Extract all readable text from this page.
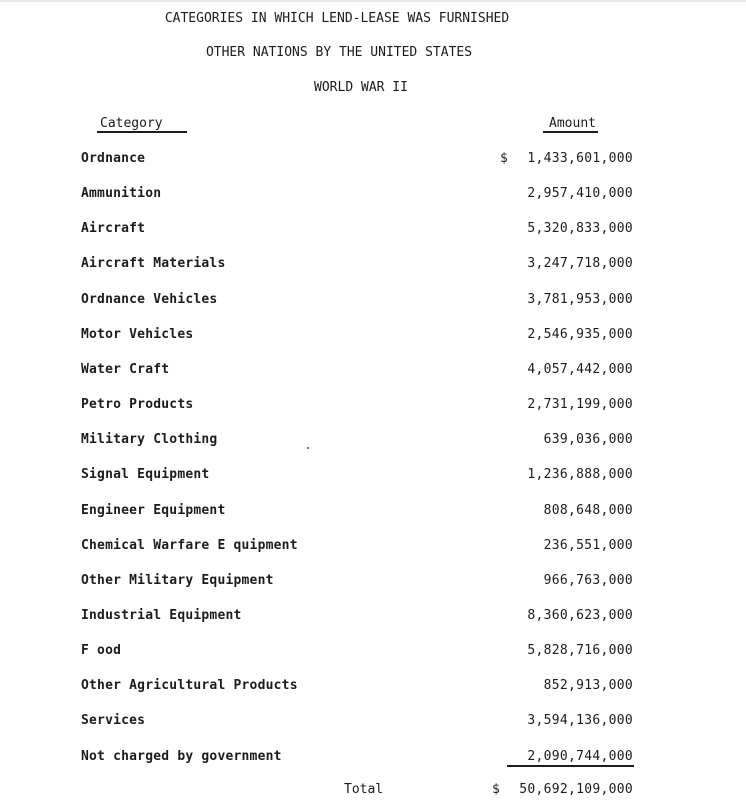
CATEGORIES IN WHICH LEND-LEASE WAS FURNISHED
OTHER NATIONS BY THE UNITED STATES
WORLD WAR II
Category	Amount
Ordnance	$ 1,433,601,000
Ammunition	2,957,410,000
Aircraft	5,320,833,000
Aircraft Materials	3,247,718,000
Ordnance Vehicles	3,781,953,000
Motor Vehicles	2,546,935,000
Water Craft	4,057,442,000
Petro Products	2,731,199,000
Military Clothing	639,036,000
Signal Equipment	1,236,888,000
Engineer Equipment	808,648,000
Chemical Warfare E quipment	236,551,000
Other Military Equipment	966,763,000
Industrial Equipment	8,360,623,000
F ood	5,828,716,000
Other Agricultural Products	852,913,000
Services	3,594,136,000
Not charged by government	2,090,744,000
Total	$ 50,692,109,000
